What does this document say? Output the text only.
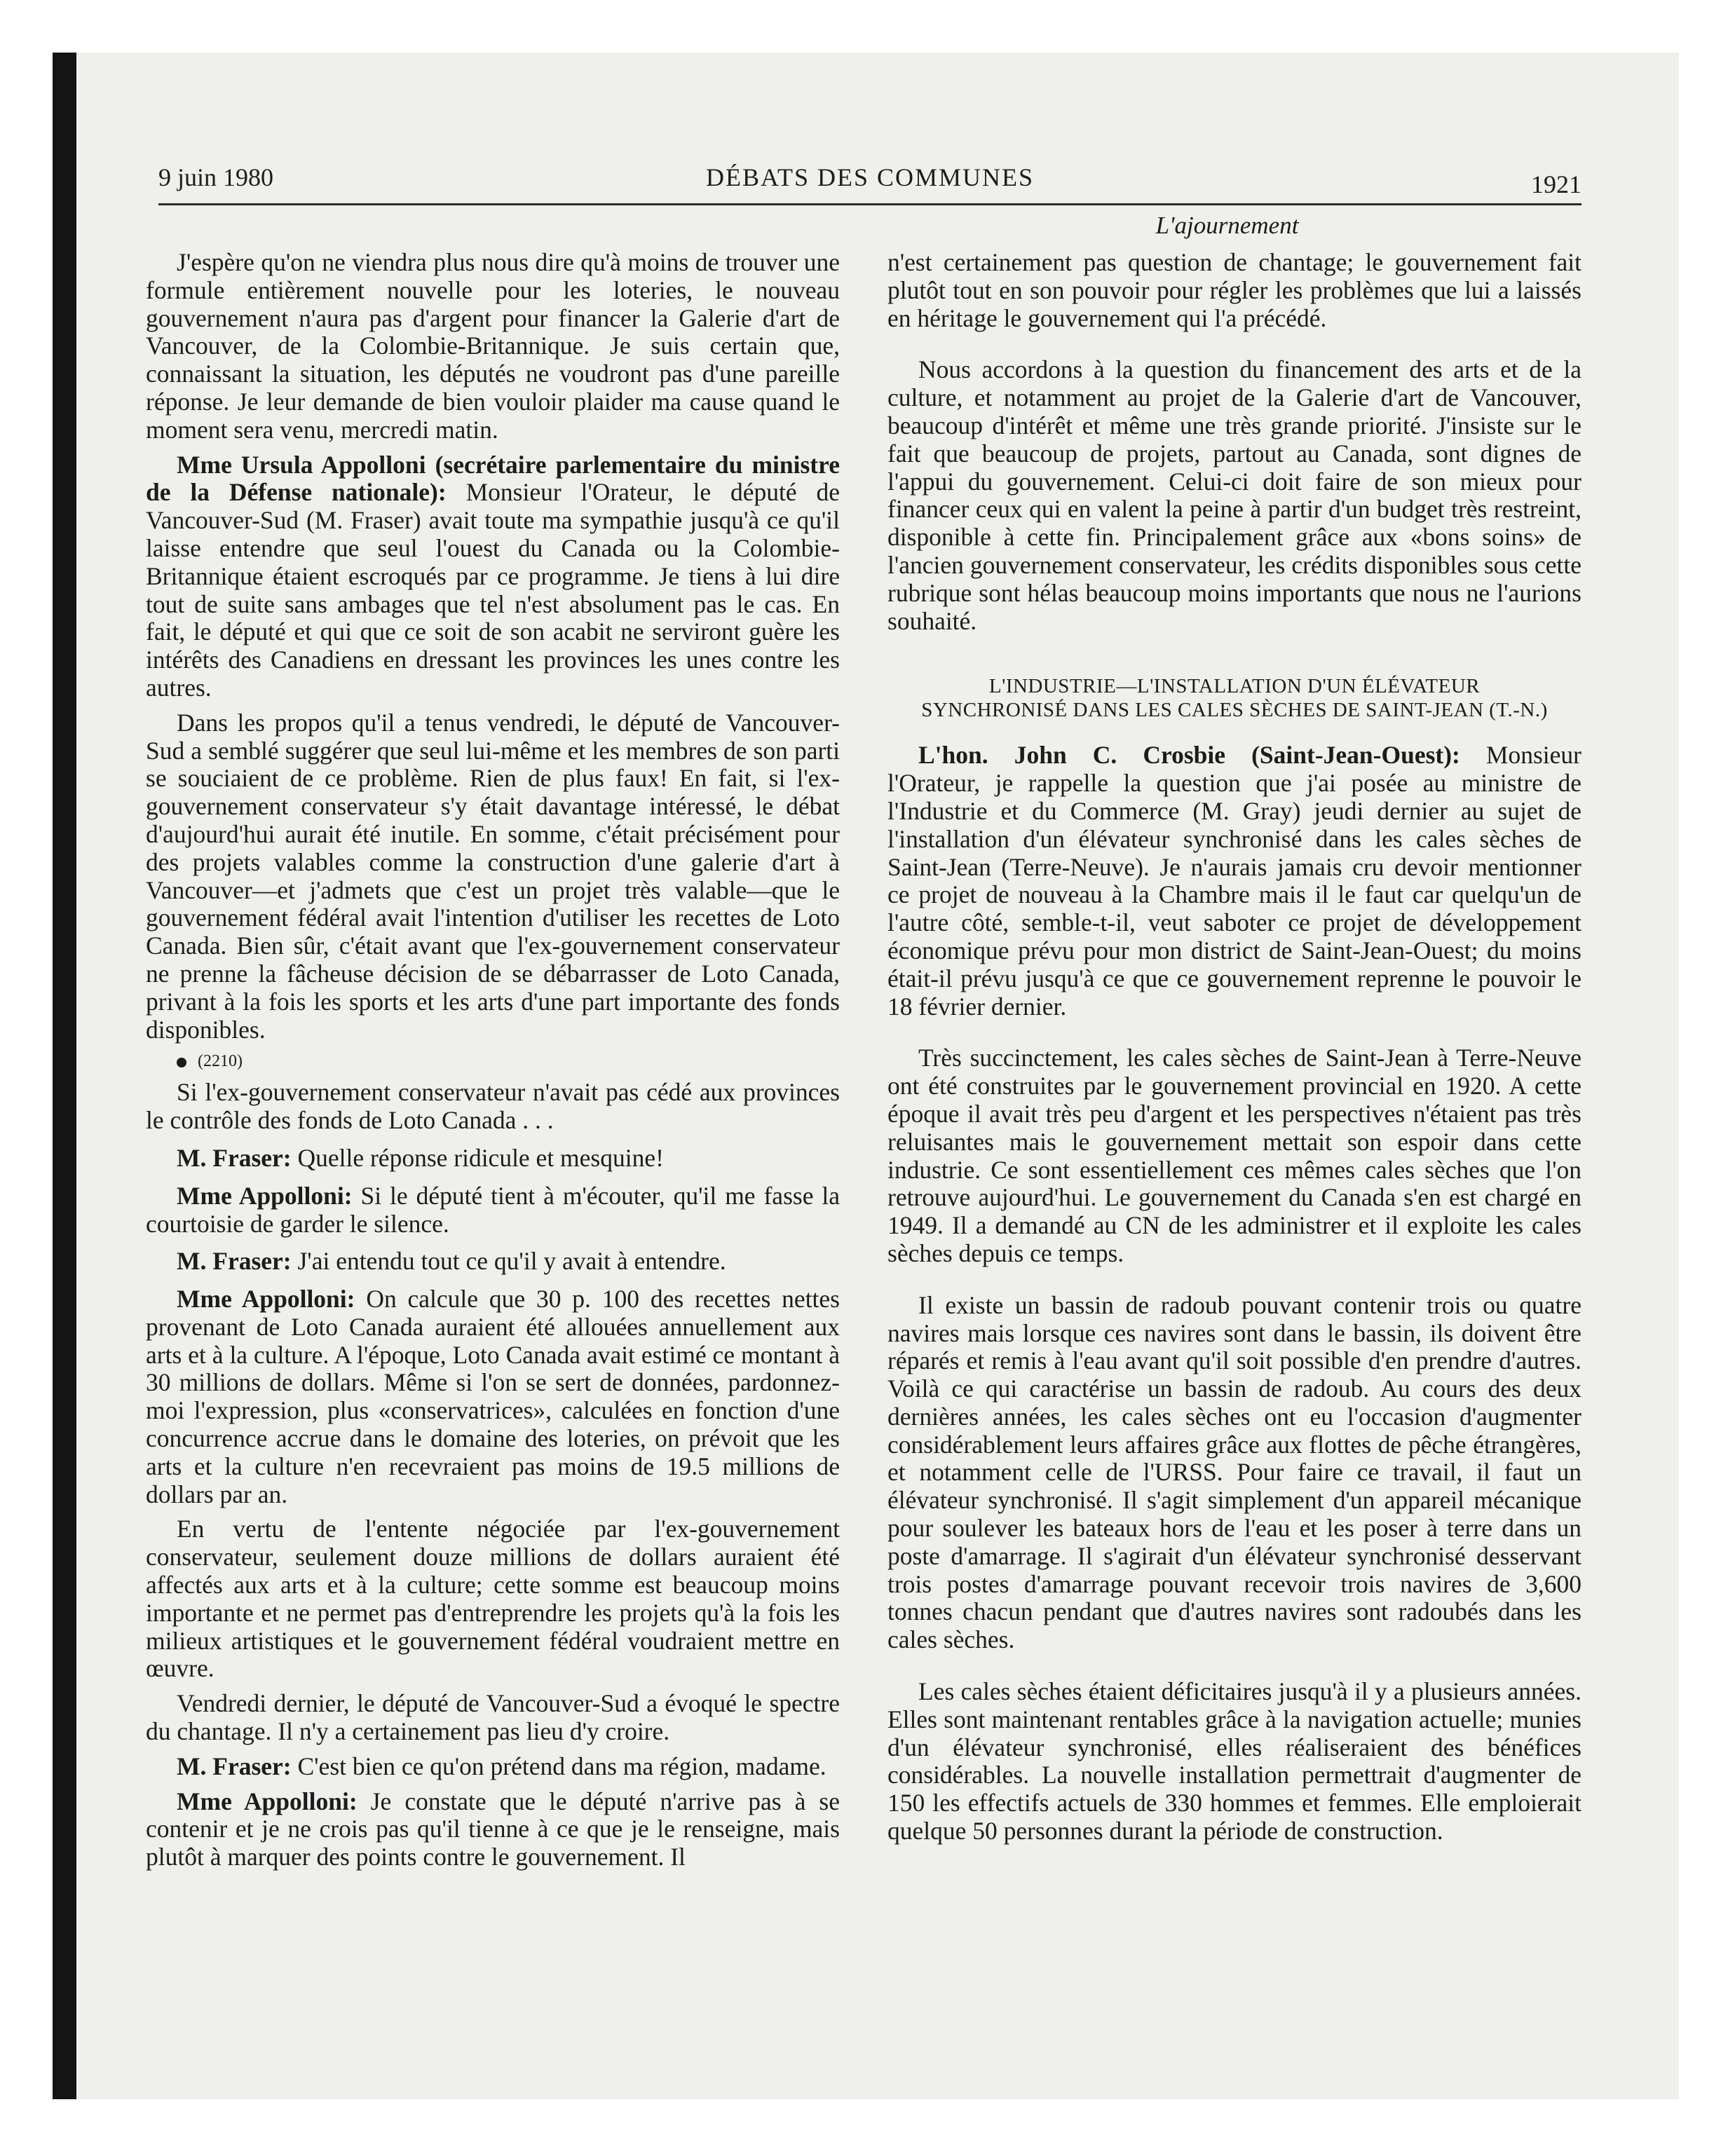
9 juin 1980	DÉBATS DES COMMUNES	1921
L'ajournement

J'espère qu'on ne viendra plus nous dire qu'à moins de trouver une formule entièrement nouvelle pour les loteries, le nouveau gouvernement n'aura pas d'argent pour financer la Galerie d'art de Vancouver, de la Colombie-Britannique. Je suis certain que, connaissant la situation, les députés ne voudront pas d'une pareille réponse. Je leur demande de bien vouloir plaider ma cause quand le moment sera venu, mercredi matin.

Mme Ursula Appolloni (secrétaire parlementaire du ministre de la Défense nationale): Monsieur l'Orateur, le député de Vancouver-Sud (M. Fraser) avait toute ma sympathie jusqu'à ce qu'il laisse entendre que seul l'ouest du Canada ou la Colombie-Britannique étaient escroqués par ce programme. Je tiens à lui dire tout de suite sans ambages que tel n'est absolument pas le cas. En fait, le député et qui que ce soit de son acabit ne serviront guère les intérêts des Canadiens en dressant les provinces les unes contre les autres.

Dans les propos qu'il a tenus vendredi, le député de Vancouver-Sud a semblé suggérer que seul lui-même et les membres de son parti se souciaient de ce problème. Rien de plus faux! En fait, si l'ex-gouvernement conservateur s'y était davantage intéressé, le débat d'aujourd'hui aurait été inutile. En somme, c'était précisément pour des projets valables comme la construction d'une galerie d'art à Vancouver—et j'admets que c'est un projet très valable—que le gouvernement fédéral avait l'intention d'utiliser les recettes de Loto Canada. Bien sûr, c'était avant que l'ex-gouvernement conservateur ne prenne la fâcheuse décision de se débarrasser de Loto Canada, privant à la fois les sports et les arts d'une part importante des fonds disponibles.

(2210)

Si l'ex-gouvernement conservateur n'avait pas cédé aux provinces le contrôle des fonds de Loto Canada . . .

M. Fraser: Quelle réponse ridicule et mesquine!

Mme Appolloni: Si le député tient à m'écouter, qu'il me fasse la courtoisie de garder le silence.

M. Fraser: J'ai entendu tout ce qu'il y avait à entendre.

Mme Appolloni: On calcule que 30 p. 100 des recettes nettes provenant de Loto Canada auraient été allouées annuellement aux arts et à la culture. A l'époque, Loto Canada avait estimé ce montant à 30 millions de dollars. Même si l'on se sert de données, pardonnez-moi l'expression, plus «conservatrices», calculées en fonction d'une concurrence accrue dans le domaine des loteries, on prévoit que les arts et la culture n'en recevraient pas moins de 19.5 millions de dollars par an.

En vertu de l'entente négociée par l'ex-gouvernement conservateur, seulement douze millions de dollars auraient été affectés aux arts et à la culture; cette somme est beaucoup moins importante et ne permet pas d'entreprendre les projets qu'à la fois les milieux artistiques et le gouvernement fédéral voudraient mettre en œuvre.

Vendredi dernier, le député de Vancouver-Sud a évoqué le spectre du chantage. Il n'y a certainement pas lieu d'y croire.

M. Fraser: C'est bien ce qu'on prétend dans ma région, madame.

Mme Appolloni: Je constate que le député n'arrive pas à se contenir et je ne crois pas qu'il tienne à ce que je le renseigne, mais plutôt à marquer des points contre le gouvernement. Il

n'est certainement pas question de chantage; le gouvernement fait plutôt tout en son pouvoir pour régler les problèmes que lui a laissés en héritage le gouvernement qui l'a précédé.

Nous accordons à la question du financement des arts et de la culture, et notamment au projet de la Galerie d'art de Vancouver, beaucoup d'intérêt et même une très grande priorité. J'insiste sur le fait que beaucoup de projets, partout au Canada, sont dignes de l'appui du gouvernement. Celui-ci doit faire de son mieux pour financer ceux qui en valent la peine à partir d'un budget très restreint, disponible à cette fin. Principalement grâce aux «bons soins» de l'ancien gouvernement conservateur, les crédits disponibles sous cette rubrique sont hélas beaucoup moins importants que nous ne l'aurions souhaité.

L'INDUSTRIE—L'INSTALLATION D'UN ÉLÉVATEUR
SYNCHRONISÉ DANS LES CALES SÈCHES DE SAINT-JEAN (T.-N.)

L'hon. John C. Crosbie (Saint-Jean-Ouest): Monsieur l'Orateur, je rappelle la question que j'ai posée au ministre de l'Industrie et du Commerce (M. Gray) jeudi dernier au sujet de l'installation d'un élévateur synchronisé dans les cales sèches de Saint-Jean (Terre-Neuve). Je n'aurais jamais cru devoir mentionner ce projet de nouveau à la Chambre mais il le faut car quelqu'un de l'autre côté, semble-t-il, veut saboter ce projet de développement économique prévu pour mon district de Saint-Jean-Ouest; du moins était-il prévu jusqu'à ce que ce gouvernement reprenne le pouvoir le 18 février dernier.

Très succinctement, les cales sèches de Saint-Jean à Terre-Neuve ont été construites par le gouvernement provincial en 1920. A cette époque il avait très peu d'argent et les perspectives n'étaient pas très reluisantes mais le gouvernement mettait son espoir dans cette industrie. Ce sont essentiellement ces mêmes cales sèches que l'on retrouve aujourd'hui. Le gouvernement du Canada s'en est chargé en 1949. Il a demandé au CN de les administrer et il exploite les cales sèches depuis ce temps.

Il existe un bassin de radoub pouvant contenir trois ou quatre navires mais lorsque ces navires sont dans le bassin, ils doivent être réparés et remis à l'eau avant qu'il soit possible d'en prendre d'autres. Voilà ce qui caractérise un bassin de radoub. Au cours des deux dernières années, les cales sèches ont eu l'occasion d'augmenter considérablement leurs affaires grâce aux flottes de pêche étrangères, et notamment celle de l'URSS. Pour faire ce travail, il faut un élévateur synchronisé. Il s'agit simplement d'un appareil mécanique pour soulever les bateaux hors de l'eau et les poser à terre dans un poste d'amarrage. Il s'agirait d'un élévateur synchronisé desservant trois postes d'amarrage pouvant recevoir trois navires de 3,600 tonnes chacun pendant que d'autres navires sont radoubés dans les cales sèches.

Les cales sèches étaient déficitaires jusqu'à il y a plusieurs années. Elles sont maintenant rentables grâce à la navigation actuelle; munies d'un élévateur synchronisé, elles réaliseraient des bénéfices considérables. La nouvelle installation permettrait d'augmenter de 150 les effectifs actuels de 330 hommes et femmes. Elle emploierait quelque 50 personnes durant la période de construction.
